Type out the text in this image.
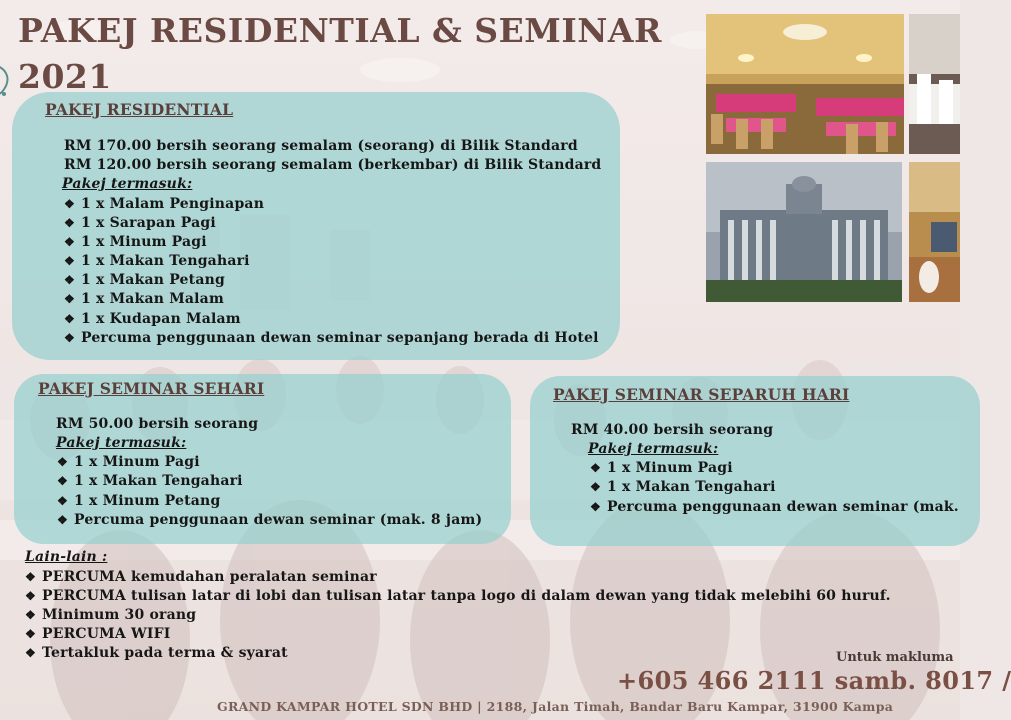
PAKEJ RESIDENTIAL & SEMINAR
2021
PAKEJ RESIDENTIAL
RM 170.00 bersih seorang semalam (seorang) di Bilik Standard
RM 120.00 bersih seorang semalam (berkembar) di Bilik Standard
Pakej termasuk:
❖ 1 x Malam Penginapan
❖ 1 x Sarapan Pagi
❖ 1 x Minum Pagi
❖ 1 x Makan Tengahari
❖ 1 x Makan Petang
❖ 1 x Makan Malam
❖ 1 x Kudapan Malam
❖ Percuma penggunaan dewan seminar sepanjang berada di Hotel
PAKEJ SEMINAR SEHARI
RM 50.00 bersih seorang
Pakej termasuk:
❖ 1 x Minum Pagi
❖ 1 x Makan Tengahari
❖ 1 x Minum Petang
❖ Percuma penggunaan dewan seminar (mak. 8 jam)
PAKEJ SEMINAR SEPARUH HARI
RM 40.00 bersih seorang
Pakej termasuk:
❖ 1 x Minum Pagi
❖ 1 x Makan Tengahari
❖ Percuma penggunaan dewan seminar (mak.
Lain-lain :
❖ PERCUMA kemudahan peralatan seminar
❖ PERCUMA tulisan latar di lobi dan tulisan latar tanpa logo di dalam dewan yang tidak melebihi 60 huruf.
❖ Minimum 30 orang
❖ PERCUMA WIFI
❖ Tertakluk pada terma & syarat	Untuk makluma
+605 466 2111 samb. 8017 /
GRAND KAMPAR HOTEL SDN BHD | 2188, Jalan Timah, Bandar Baru Kampar, 31900 Kampa
